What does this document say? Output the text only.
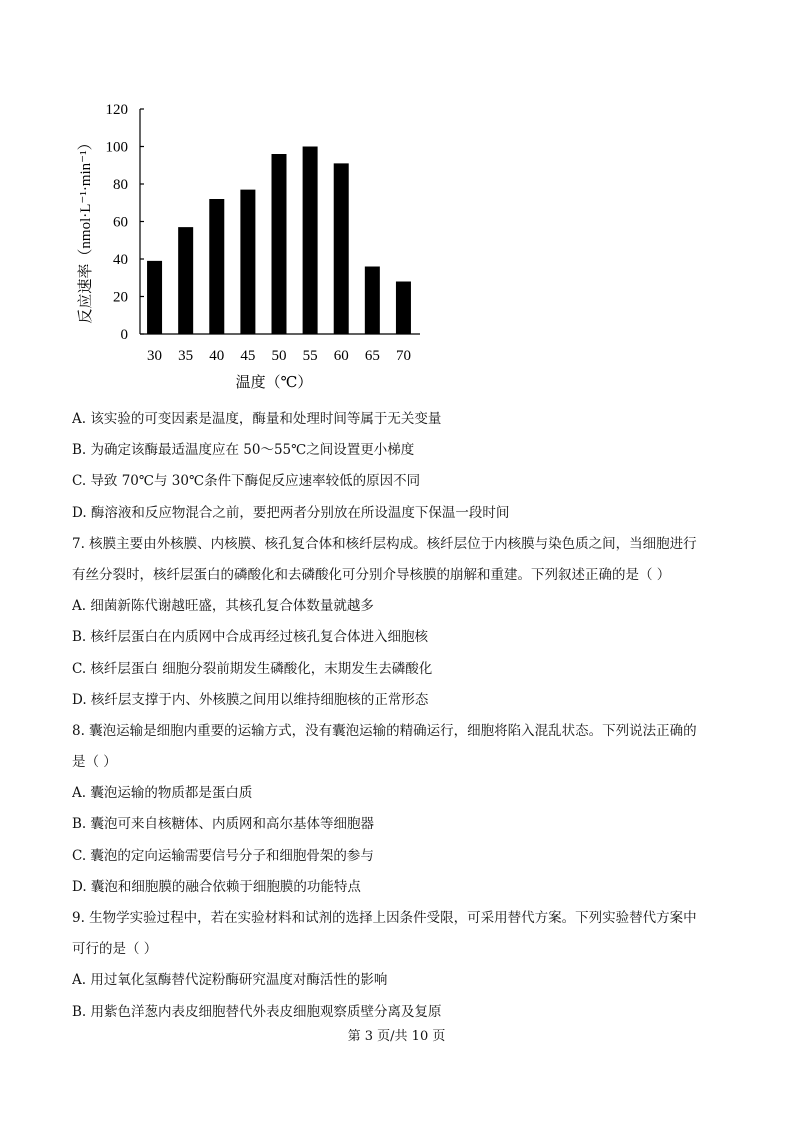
0
20
40
60
80
100
120
30 35 40 45 50 55 60 65 70
温度（℃）
反应速率（nmol·L⁻¹·min⁻¹）
A. 该实验的可变因素是温度，酶量和处理时间等属于无关变量
B. 为确定该酶最适温度应在 50～55℃之间设置更小梯度
C. 导致 70℃与 30℃条件下酶促反应速率较低的原因不同
D. 酶溶液和反应物混合之前，要把两者分别放在所设温度下保温一段时间
7. 核膜主要由外核膜、内核膜、核孔复合体和核纤层构成。核纤层位于内核膜与染色质之间，当细胞进行
有丝分裂时，核纤层蛋白的磷酸化和去磷酸化可分别介导核膜的崩解和重建。下列叙述正确的是（ ）
A. 细菌新陈代谢越旺盛，其核孔复合体数量就越多
B. 核纤层蛋白在内质网中合成再经过核孔复合体进入细胞核
C. 核纤层蛋白 细胞分裂前期发生磷酸化，末期发生去磷酸化
D. 核纤层支撑于内、外核膜之间用以维持细胞核的正常形态
8. 囊泡运输是细胞内重要的运输方式，没有囊泡运输的精确运行，细胞将陷入混乱状态。下列说法正确的
是（ ）
A. 囊泡运输的物质都是蛋白质
B. 囊泡可来自核糖体、内质网和高尔基体等细胞器
C. 囊泡的定向运输需要信号分子和细胞骨架的参与
D. 囊泡和细胞膜的融合依赖于细胞膜的功能特点
9. 生物学实验过程中，若在实验材料和试剂的选择上因条件受限，可采用替代方案。下列实验替代方案中
可行的是（ ）
A. 用过氧化氢酶替代淀粉酶研究温度对酶活性的影响
B. 用紫色洋葱内表皮细胞替代外表皮细胞观察质壁分离及复原
第 3 页/共 10 页
